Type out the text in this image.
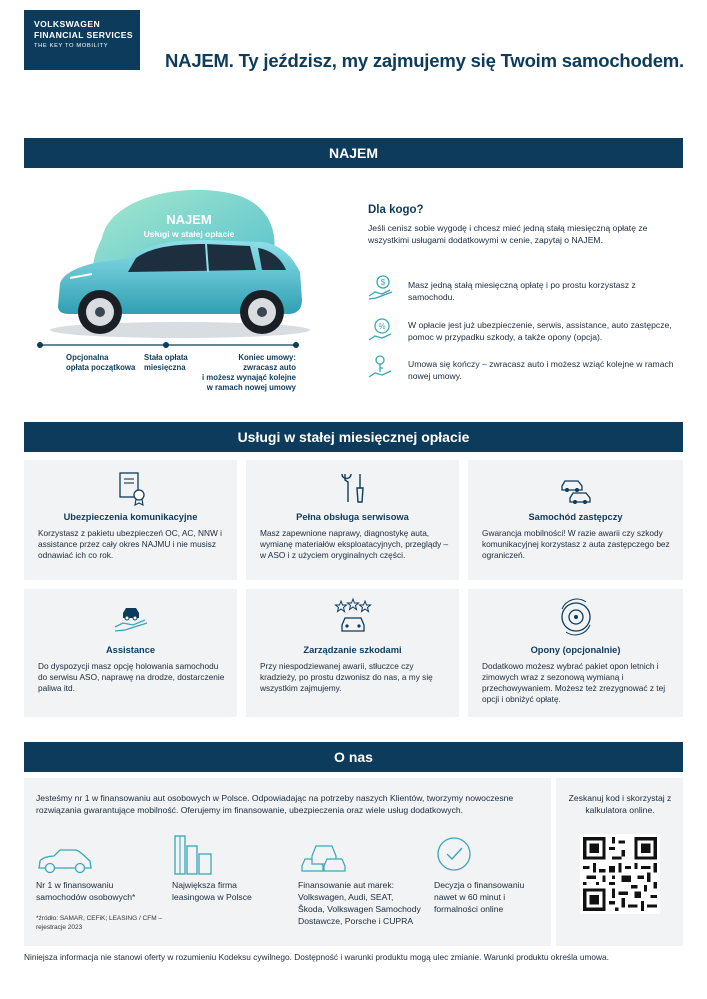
VOLKSWAGEN
FINANCIAL SERVICES
THE KEY TO MOBILITY
NAJEM. Ty jeździsz, my zajmujemy się Twoim samochodem.
NAJEM
NAJEM
Usługi w stałej opłacie
Opcjonalna
opłata początkowa
Stała opłata
miesięczna
Koniec umowy:
zwracasz auto
i możesz wynająć kolejne
w ramach nowej umowy
Dla kogo?
Jeśli cenisz sobie wygodę i chcesz mieć jedną stałą miesięczną opłatę ze wszystkimi usługami dodatkowymi w cenie, zapytaj o NAJEM.
$	Masz jedną stałą miesięczną opłatę i po prostu korzystasz z samochodu.
%	W opłacie jest już ubezpieczenie, serwis, assistance, auto zastępcze, pomoc w przypadku szkody, a także opony (opcja).
Umowa się kończy – zwracasz auto i możesz wziąć kolejne w ramach nowej umowy.
Usługi w stałej miesięcznej opłacie
Ubezpieczenia komunikacyjne
Korzystasz z pakietu ubezpieczeń OC, AC, NNW i assistance przez cały okres NAJMU i nie musisz odnawiać ich co rok.
Pełna obsługa serwisowa
Masz zapewnione naprawy, diagnostykę auta, wymianę materiałów eksploatacyjnych, przeglądy – w ASO i z użyciem oryginalnych części.
Samochód zastępczy
Gwarancja mobilności! W razie awarii czy szkody komunikacyjnej korzystasz z auta zastępczego bez ograniczeń.
Assistance
Do dyspozycji masz opcję holowania samochodu do serwisu ASO, naprawę na drodze, dostarczenie paliwa itd.
Zarządzanie szkodami
Przy niespodziewanej awarii, stłuczce czy kradzieży, po prostu dzwonisz do nas, a my się wszystkim zajmujemy.
Opony (opcjonalnie)
Dodatkowo możesz wybrać pakiet opon letnich i zimowych wraz z sezonową wymianą i przechowywaniem. Możesz też zrezygnować z tej opcji i obniżyć opłatę.
O nas
Jesteśmy nr 1 w finansowaniu aut osobowych w Polsce. Odpowiadając na potrzeby naszych Klientów, tworzymy nowoczesne rozwiązania gwarantujące mobilność. Oferujemy im finansowanie, ubezpieczenia oraz wiele usług dodatkowych.
Nr 1 w finansowaniu samochodów osobowych*
Największa firma leasingowa w Polsce
Finansowanie aut marek: Volkswagen, Audi, SEAT, Škoda, Volkswagen Samochody Dostawcze, Porsche i CUPRA
Decyzja o finansowaniu nawet w 60 minut i formalności online
*źródło: SAMAR, CEFiK; LEASING / CFM – rejestracje 2023
Zeskanuj kod i skorzystaj z kalkulatora online.
Niniejsza informacja nie stanowi oferty w rozumieniu Kodeksu cywilnego. Dostępność i warunki produktu mogą ulec zmianie. Warunki produktu określa umowa.
